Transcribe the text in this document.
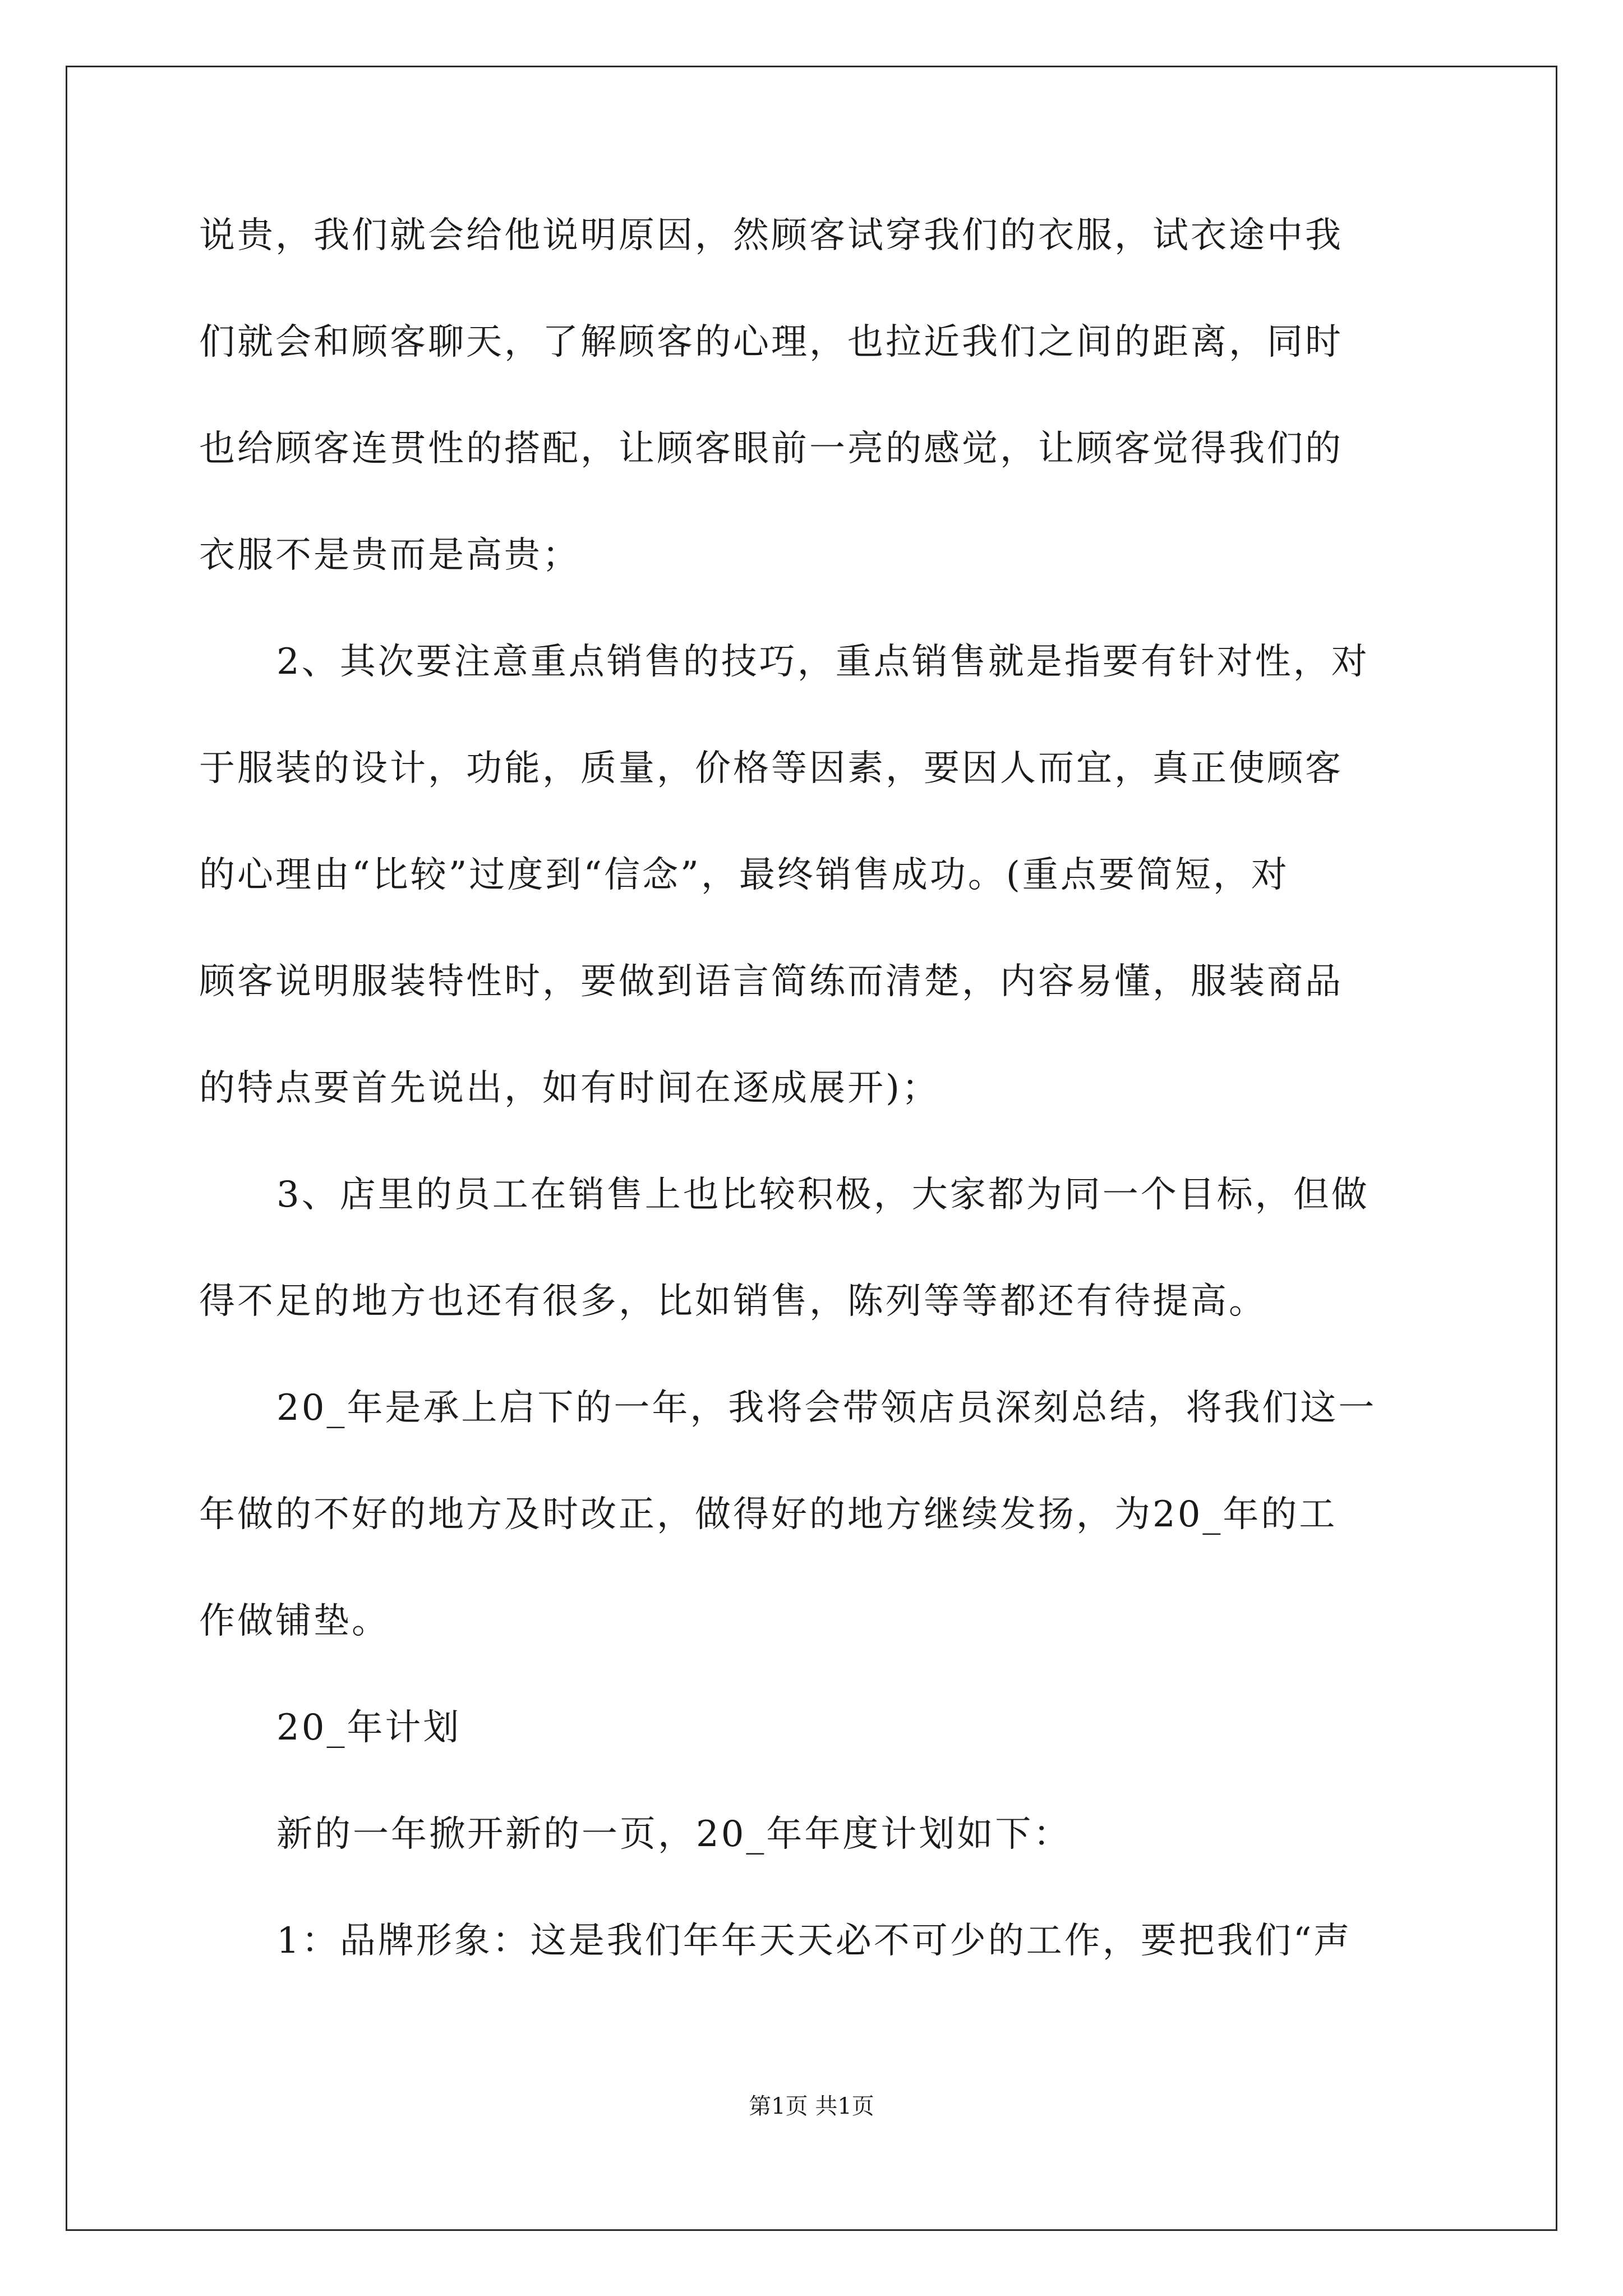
说贵，我们就会给他说明原因，然顾客试穿我们的衣服，试衣途中我
们就会和顾客聊天，了解顾客的心理，也拉近我们之间的距离，同时
也给顾客连贯性的搭配，让顾客眼前一亮的感觉，让顾客觉得我们的
衣服不是贵而是高贵；
2、其次要注意重点销售的技巧，重点销售就是指要有针对性，对
于服装的设计，功能，质量，价格等因素，要因人而宜，真正使顾客
的心理由“比较”过度到“信念”，最终销售成功。(重点要简短，对
顾客说明服装特性时，要做到语言简练而清楚，内容易懂，服装商品
的特点要首先说出，如有时间在逐成展开)；
3、店里的员工在销售上也比较积极，大家都为同一个目标，但做
得不足的地方也还有很多，比如销售，陈列等等都还有待提高。
20_年是承上启下的一年，我将会带领店员深刻总结，将我们这一
年做的不好的地方及时改正，做得好的地方继续发扬，为20_年的工
作做铺垫。
20_年计划
新的一年掀开新的一页，20_年年度计划如下：
1：品牌形象：这是我们年年天天必不可少的工作，要把我们“声
第1页 共1页
